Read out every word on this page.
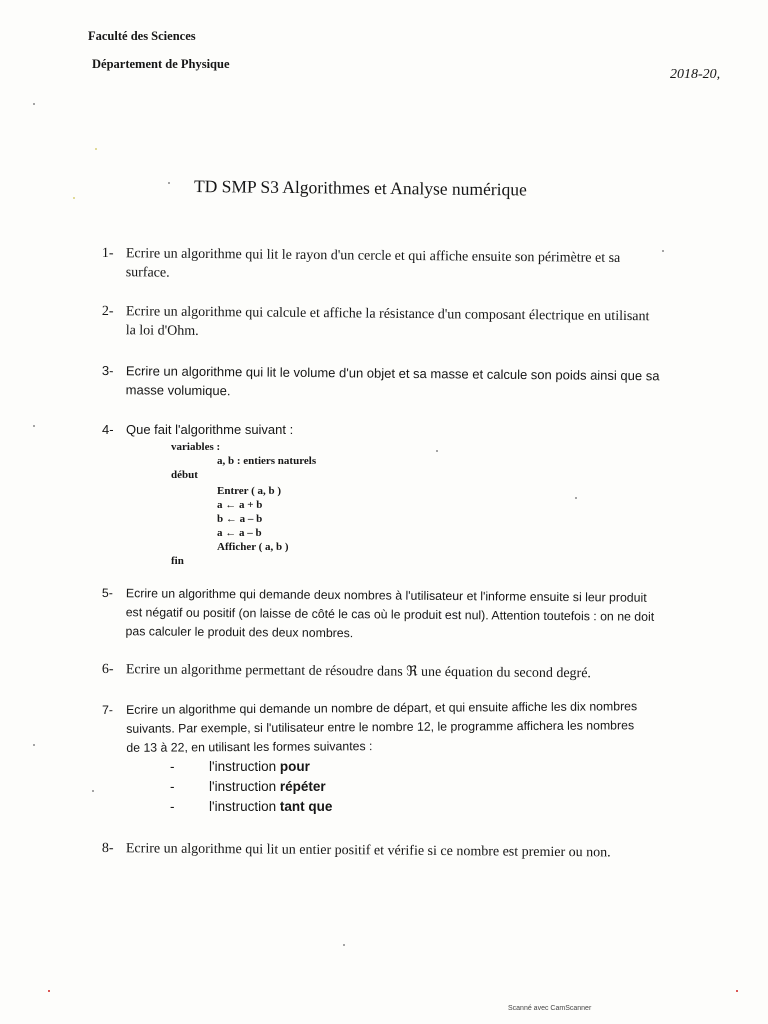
Faculté des Sciences
Département de Physique
2018-20,
TD SMP S3 Algorithmes et Analyse numérique
1- Ecrire un algorithme qui lit le rayon d'un cercle et qui affiche ensuite son périmètre et sa surface.
2- Ecrire un algorithme qui calcule et affiche la résistance d'un composant électrique en utilisant la loi d'Ohm.
3- Ecrire un algorithme qui lit le volume d'un objet et sa masse et calcule son poids ainsi que sa masse volumique.
4- Que fait l'algorithme suivant :
variables :
a, b : entiers naturels
début
Entrer ( a, b )
a ← a + b
b ← a – b
a ← a – b
Afficher ( a, b )
fin
5- Ecrire un algorithme qui demande deux nombres à l'utilisateur et l'informe ensuite si leur produit est négatif ou positif (on laisse de côté le cas où le produit est nul). Attention toutefois : on ne doit pas calculer le produit des deux nombres.
6- Ecrire un algorithme permettant de résoudre dans ℜ une équation du second degré.
7- Ecrire un algorithme qui demande un nombre de départ, et qui ensuite affiche les dix nombres suivants. Par exemple, si l'utilisateur entre le nombre 12, le programme affichera les nombres de 13 à 22, en utilisant les formes suivantes :
-	l'instruction pour
-	l'instruction répéter
-	l'instruction tant que
8- Ecrire un algorithme qui lit un entier positif et vérifie si ce nombre est premier ou non.
Scanné avec CamScanner
